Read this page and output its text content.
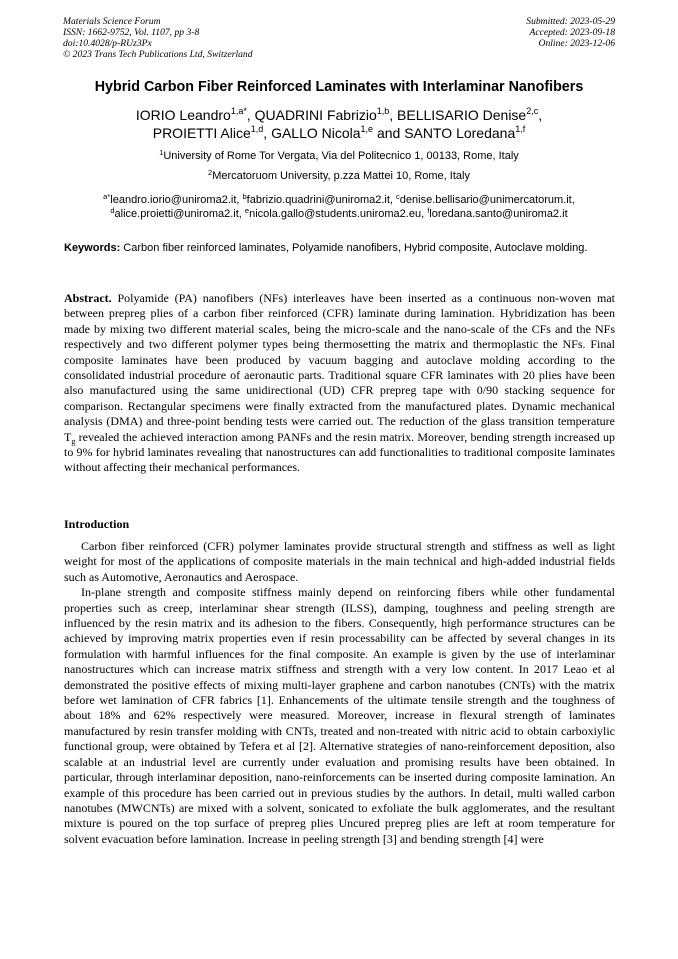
Materials Science Forum
ISSN: 1662-9752, Vol. 1107, pp 3-8
doi:10.4028/p-RUz3Px
© 2023 Trans Tech Publications Ltd, Switzerland
Submitted: 2023-05-29
Accepted: 2023-09-18
Online: 2023-12-06
Hybrid Carbon Fiber Reinforced Laminates with Interlaminar Nanofibers
IORIO Leandro$^{1,a*}$, QUADRINI Fabrizio$^{1,b}$, BELLISARIO Denise$^{2,c}$,
PROIETTI Alice$^{1,d}$, GALLO Nicola$^{1,e}$ and SANTO Loredana$^{1,f}$
$^1$University of Rome Tor Vergata, Via del Politecnico 1, 00133, Rome, Italy
$^2$Mercatoruom University, p.zza Mattei 10, Rome, Italy
$^{a*}$leandro.iorio@uniroma2.it, $^b$fabrizio.quadrini@uniroma2.it, $^c$denise.bellisario@unimercatorum.it,
$^d$alice.proietti@uniroma2.it, $^e$nicola.gallo@students.uniroma2.eu, $^f$loredana.santo@uniroma2.it
Keywords: Carbon fiber reinforced laminates, Polyamide nanofibers, Hybrid composite, Autoclave molding.
Abstract. Polyamide (PA) nanofibers (NFs) interleaves have been inserted as a continuous non-woven mat between prepreg plies of a carbon fiber reinforced (CFR) laminate during lamination. Hybridization has been made by mixing two different material scales, being the micro-scale and the nano-scale of the CFs and the NFs respectively and two different polymer types being thermosetting the matrix and thermoplastic the NFs. Final composite laminates have been produced by vacuum bagging and autoclave molding according to the consolidated industrial procedure of aeronautic parts. Traditional square CFR laminates with 20 plies have been also manufactured using the same unidirectional (UD) CFR prepreg tape with 0/90 stacking sequence for comparison. Rectangular specimens were finally extracted from the manufactured plates. Dynamic mechanical analysis (DMA) and three-point bending tests were carried out. The reduction of the glass transition temperature $T_g$ revealed the achieved interaction among PANFs and the resin matrix. Moreover, bending strength increased up to 9% for hybrid laminates revealing that nanostructures can add functionalities to traditional composite laminates without affecting their mechanical performances.
Introduction

Carbon fiber reinforced (CFR) polymer laminates provide structural strength and stiffness as well as light weight for most of the applications of composite materials in the main technical and high-added industrial fields such as Automotive, Aeronautics and Aerospace.

In-plane strength and composite stiffness mainly depend on reinforcing fibers while other fundamental properties such as creep, interlaminar shear strength (ILSS), damping, toughness and peeling strength are influenced by the resin matrix and its adhesion to the fibers. Consequently, high performance structures can be achieved by improving matrix properties even if resin processability can be affected by several changes in its formulation with harmful influences for the final composite. An example is given by the use of interlaminar nanostructures which can increase matrix stiffness and strength with a very low content. In 2017 Leao et al demonstrated the positive effects of mixing multi-layer graphene and carbon nanotubes (CNTs) with the matrix before wet lamination of CFR fabrics [1]. Enhancements of the ultimate tensile strength and the toughness of about 18% and 62% respectively were measured. Moreover, increase in flexural strength of laminates manufactured by resin transfer molding with CNTs, treated and non-treated with nitric acid to obtain carboxiylic functional group, were obtained by Tefera et al [2]. Alternative strategies of nano-reinforcement deposition, also scalable at an industrial level are currently under evaluation and promising results have been obtained. In particular, through interlaminar deposition, nano-reinforcements can be inserted during composite lamination. An example of this procedure has been carried out in previous studies by the authors. In detail, multi walled carbon nanotubes (MWCNTs) are mixed with a solvent, sonicated to exfoliate the bulk agglomerates, and the resultant mixture is poured on the top surface of prepreg plies Uncured prepreg plies are left at room temperature for solvent evacuation before lamination. Increase in peeling strength [3] and bending strength [4] were
